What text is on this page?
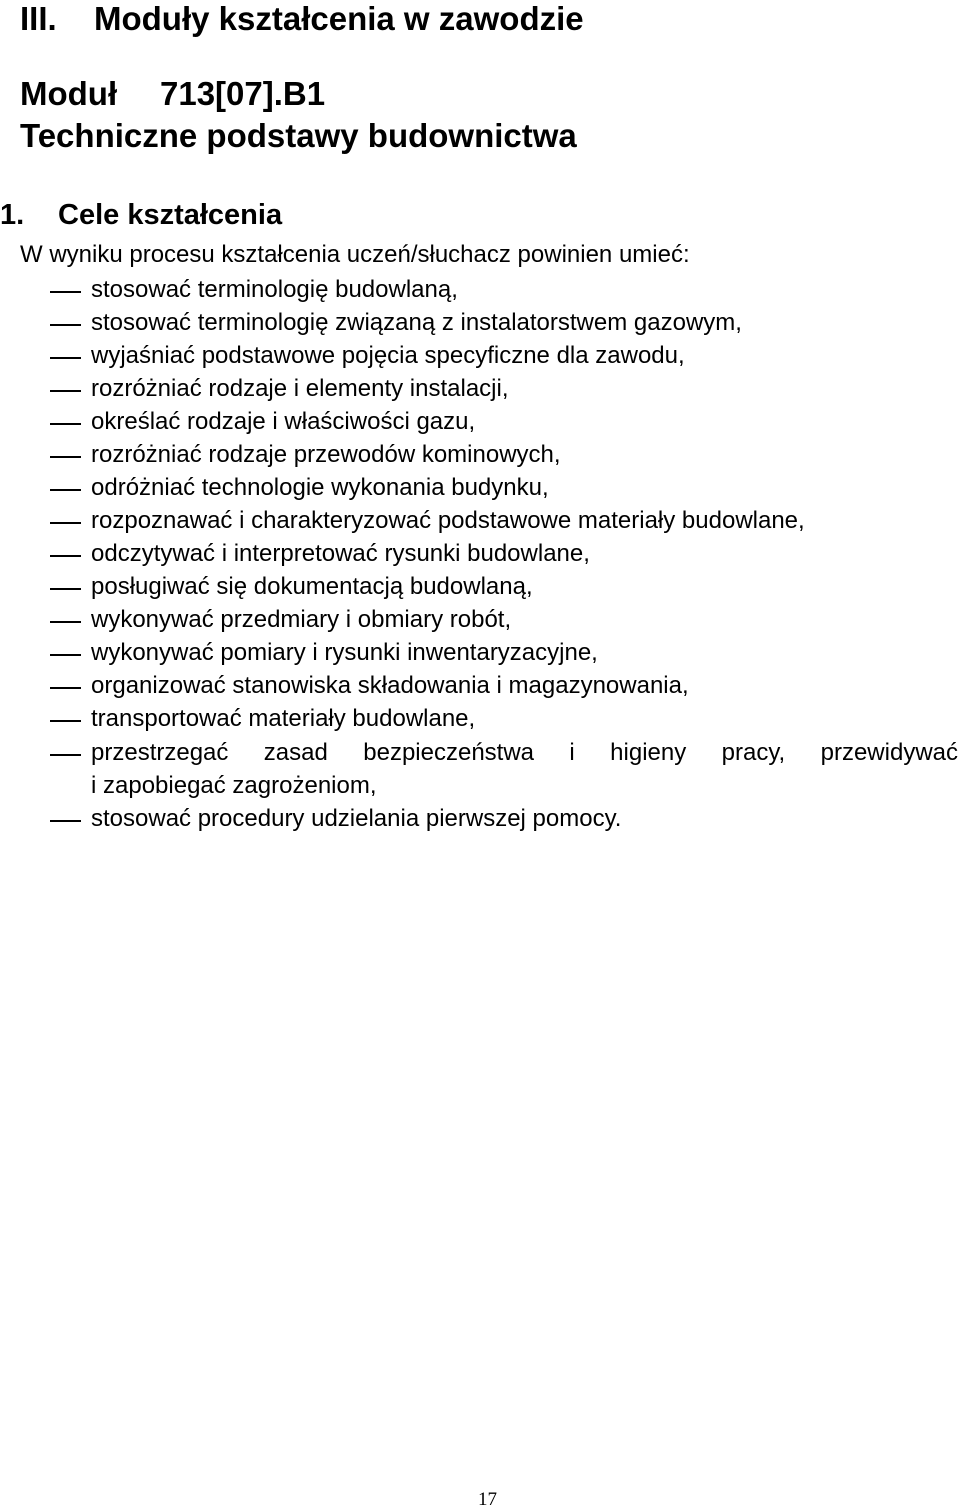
III. Moduły kształcenia w zawodzie
Moduł 713[07].B1
Techniczne podstawy budownictwa
1. Cele kształcenia
W wyniku procesu kształcenia uczeń/słuchacz powinien umieć:
stosować terminologię budowlaną,
stosować terminologię związaną z instalatorstwem gazowym,
wyjaśniać podstawowe pojęcia specyficzne dla zawodu,
rozróżniać rodzaje i elementy instalacji,
określać rodzaje i właściwości gazu,
rozróżniać rodzaje przewodów kominowych,
odróżniać technologie wykonania budynku,
rozpoznawać i charakteryzować podstawowe materiały budowlane,
odczytywać i interpretować rysunki budowlane,
posługiwać się dokumentacją budowlaną,
wykonywać przedmiary i obmiary robót,
wykonywać pomiary i rysunki inwentaryzacyjne,
organizować stanowiska składowania i magazynowania,
transportować materiały budowlane,
przestrzegać zasad bezpieczeństwa i higieny pracy, przewidywać
i zapobiegać zagrożeniom,
stosować procedury udzielania pierwszej pomocy.
17
